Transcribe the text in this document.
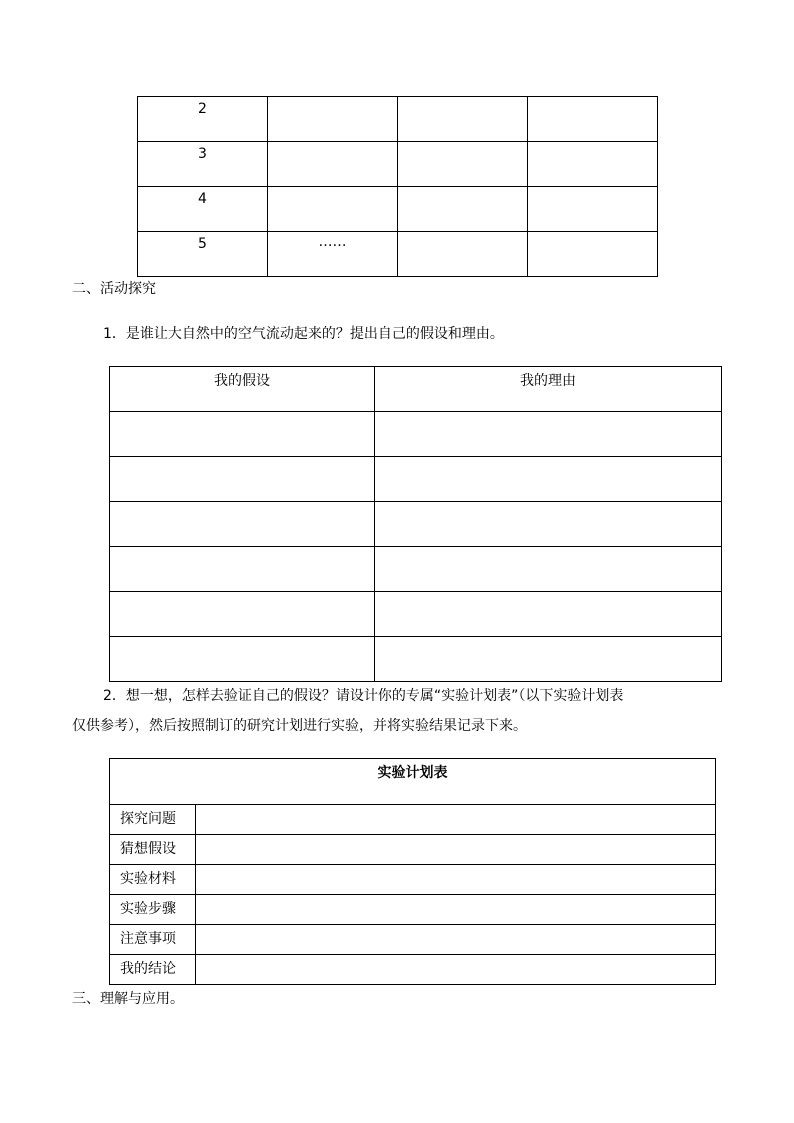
2			
3			
4			
5	……		
二、活动探究
1．是谁让大自然中的空气流动起来的？提出自己的假设和理由。
我的假设	我的理由

2．想一想，怎样去验证自己的假设？请设计你的专属“实验计划表”（以下实验计划表
仅供参考），然后按照制订的研究计划进行实验，并将实验结果记录下来。
实验计划表	
探究问题	
猜想假设	
实验材料	
实验步骤	
注意事项	
我的结论	
三、理解与应用。
